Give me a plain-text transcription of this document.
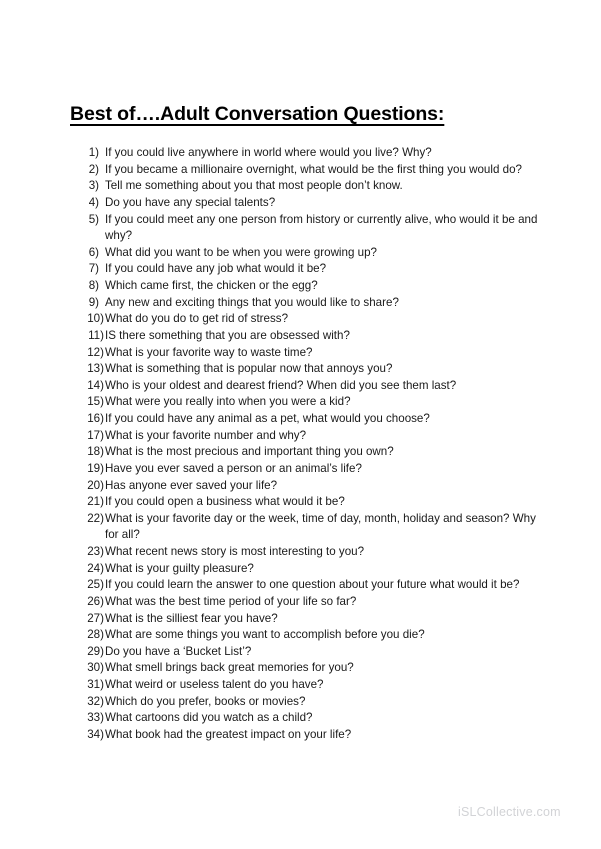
Best of….Adult Conversation Questions:
1) If you could live anywhere in world where would you live? Why?
2) If you became a millionaire overnight, what would be the first thing you would do?
3) Tell me something about you that most people don’t know.
4) Do you have any special talents?
5) If you could meet any one person from history or currently alive, who would it be and why?
6) What did you want to be when you were growing up?
7) If you could have any job what would it be?
8) Which came first, the chicken or the egg?
9) Any new and exciting things that you would like to share?
10) What do you do to get rid of stress?
11) IS there something that you are obsessed with?
12) What is your favorite way to waste time?
13) What is something that is popular now that annoys you?
14) Who is your oldest and dearest friend? When did you see them last?
15) What were you really into when you were a kid?
16) If you could have any animal as a pet, what would you choose?
17) What is your favorite number and why?
18) What is the most precious and important thing you own?
19) Have you ever saved a person or an animal’s life?
20) Has anyone ever saved your life?
21) If you could open a business what would it be?
22) What is your favorite day or the week, time of day, month, holiday and season? Why for all?
23) What recent news story is most interesting to you?
24) What is your guilty pleasure?
25) If you could learn the answer to one question about your future what would it be?
26) What was the best time period of your life so far?
27) What is the silliest fear you have?
28) What are some things you want to accomplish before you die?
29) Do you have a ‘Bucket List’?
30) What smell brings back great memories for you?
31) What weird or useless talent do you have?
32) Which do you prefer, books or movies?
33) What cartoons did you watch as a child?
34) What book had the greatest impact on your life?
iSLCollective.com
